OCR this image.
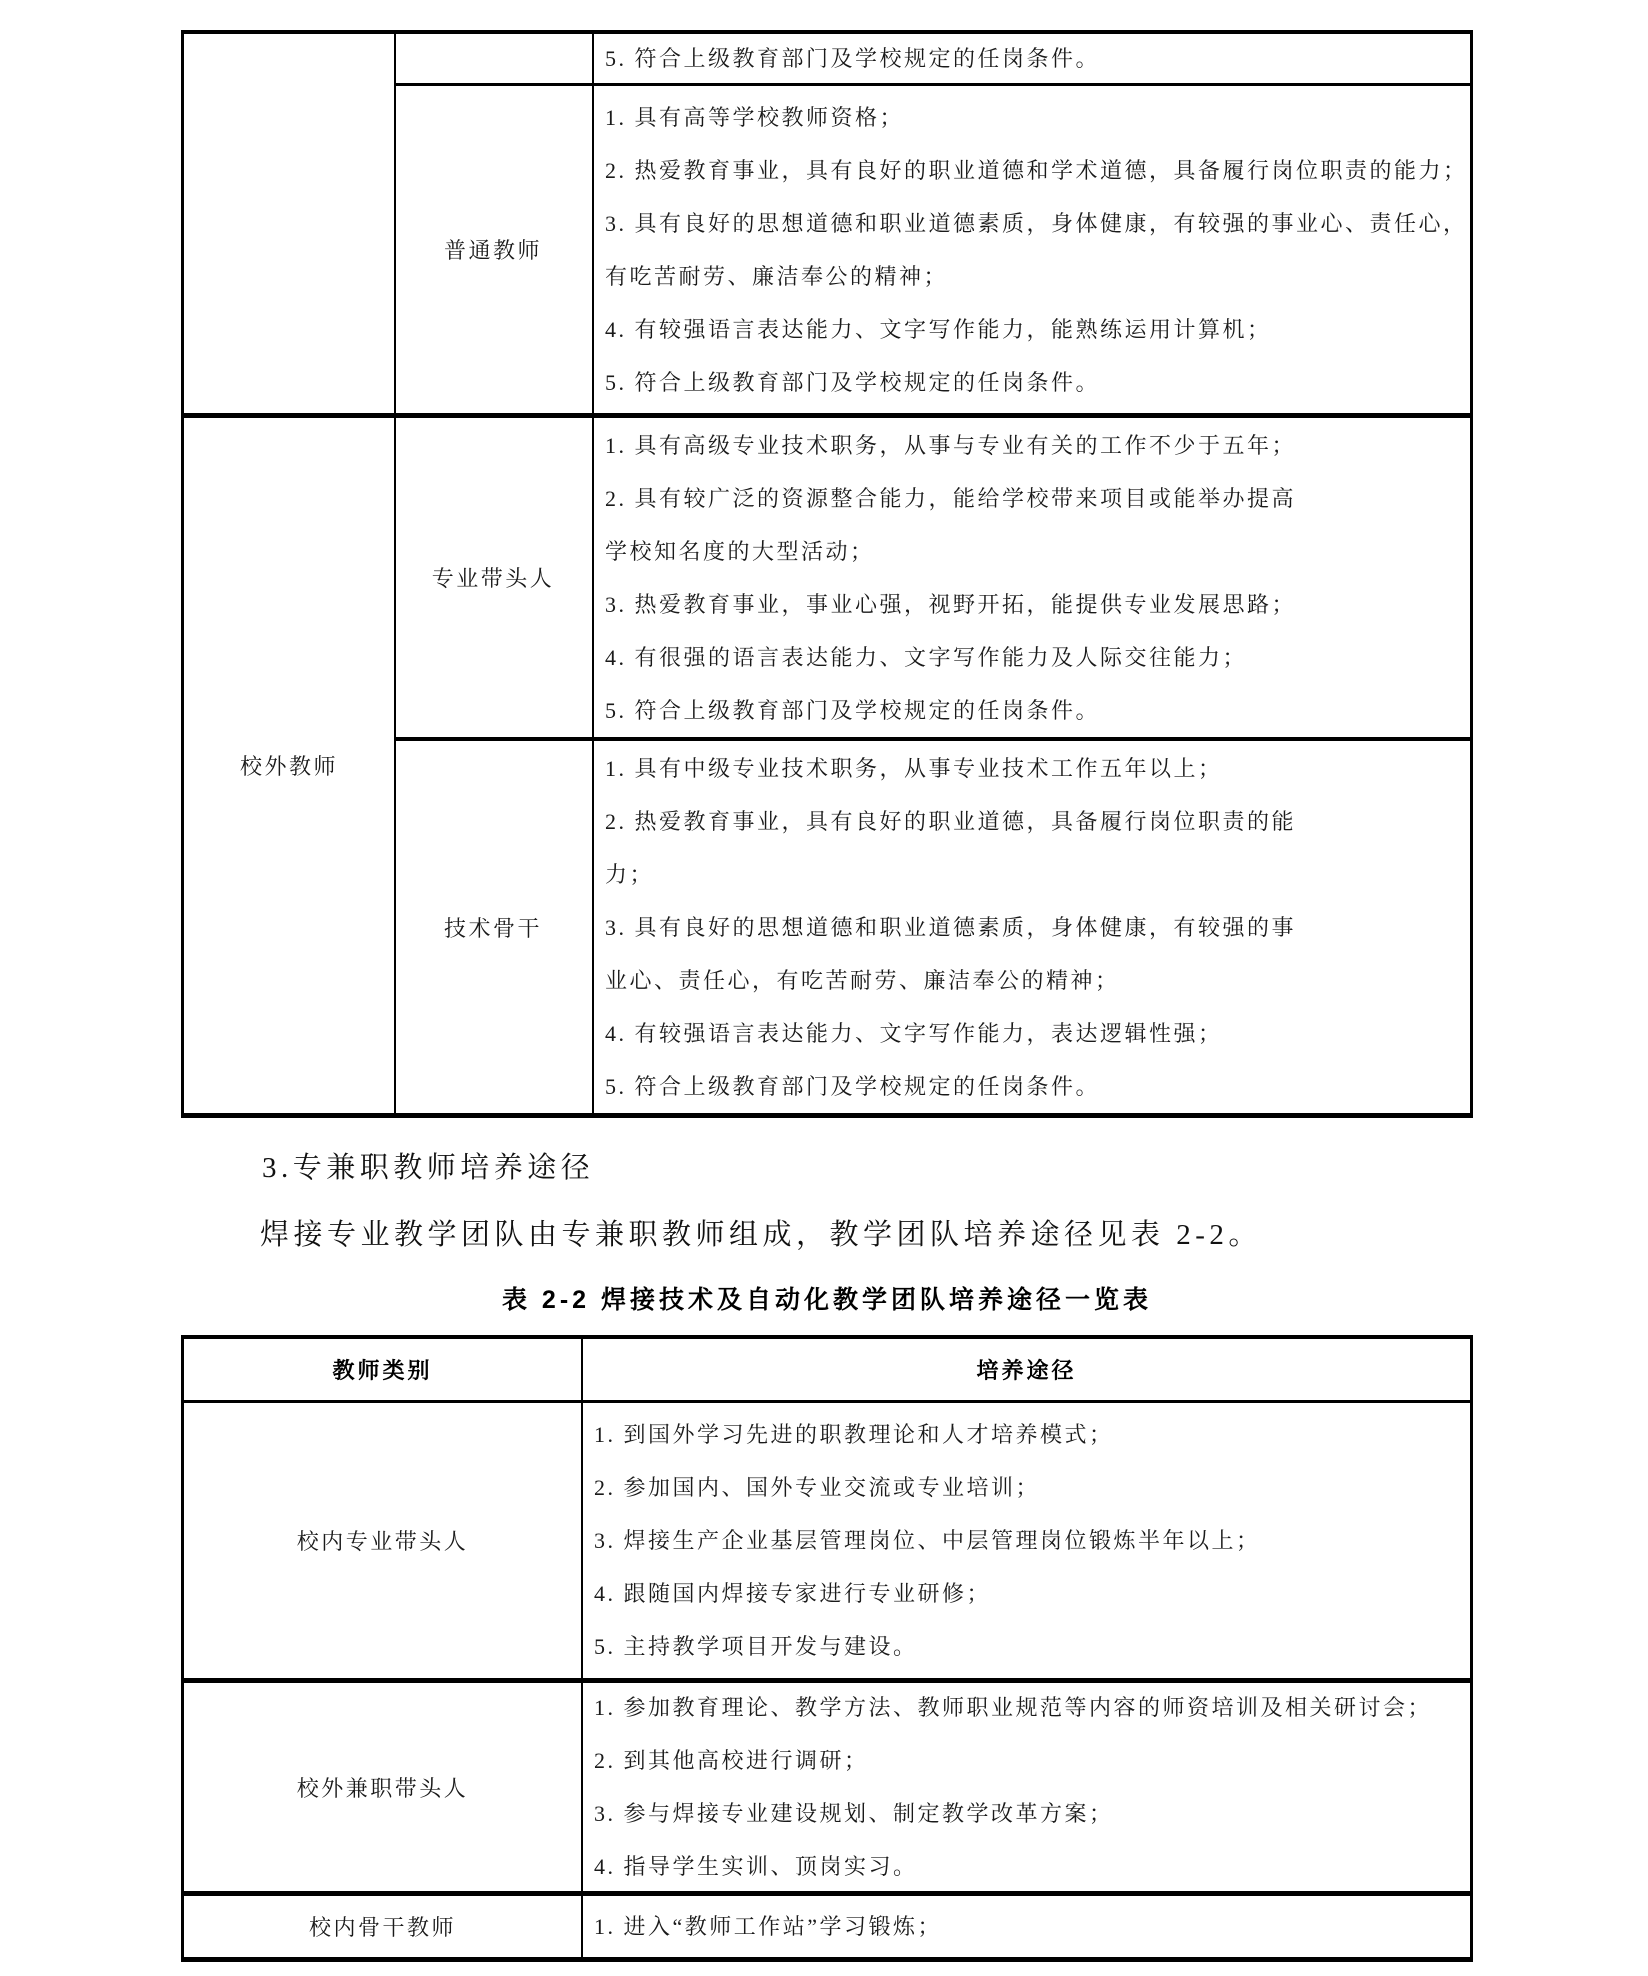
5. 符合上级教育部门及学校规定的任岗条件。
普通教师
1. 具有高等学校教师资格；
2. 热爱教育事业，具有良好的职业道德和学术道德，具备履行岗位职责的能力；
3. 具有良好的思想道德和职业道德素质，身体健康，有较强的事业心、责任心，
有吃苦耐劳、廉洁奉公的精神；
4. 有较强语言表达能力、文字写作能力，能熟练运用计算机；
5. 符合上级教育部门及学校规定的任岗条件。
校外教师
专业带头人
1. 具有高级专业技术职务，从事与专业有关的工作不少于五年；
2. 具有较广泛的资源整合能力，能给学校带来项目或能举办提高
学校知名度的大型活动；
3. 热爱教育事业，事业心强，视野开拓，能提供专业发展思路；
4. 有很强的语言表达能力、文字写作能力及人际交往能力；
5. 符合上级教育部门及学校规定的任岗条件。
技术骨干
1. 具有中级专业技术职务，从事专业技术工作五年以上；
2. 热爱教育事业，具有良好的职业道德，具备履行岗位职责的能
力；
3. 具有良好的思想道德和职业道德素质，身体健康，有较强的事
业心、责任心，有吃苦耐劳、廉洁奉公的精神；
4. 有较强语言表达能力、文字写作能力，表达逻辑性强；
5. 符合上级教育部门及学校规定的任岗条件。
3.专兼职教师培养途径
焊接专业教学团队由专兼职教师组成，教学团队培养途径见表 2-2。
表 2-2 焊接技术及自动化教学团队培养途径一览表
教师类别	培养途径
校内专业带头人
1. 到国外学习先进的职教理论和人才培养模式；
2. 参加国内、国外专业交流或专业培训；
3. 焊接生产企业基层管理岗位、中层管理岗位锻炼半年以上；
4. 跟随国内焊接专家进行专业研修；
5. 主持教学项目开发与建设。
校外兼职带头人
1. 参加教育理论、教学方法、教师职业规范等内容的师资培训及相关研讨会；
2. 到其他高校进行调研；
3. 参与焊接专业建设规划、制定教学改革方案；
4. 指导学生实训、顶岗实习。
校内骨干教师	1. 进入“教师工作站”学习锻炼；
